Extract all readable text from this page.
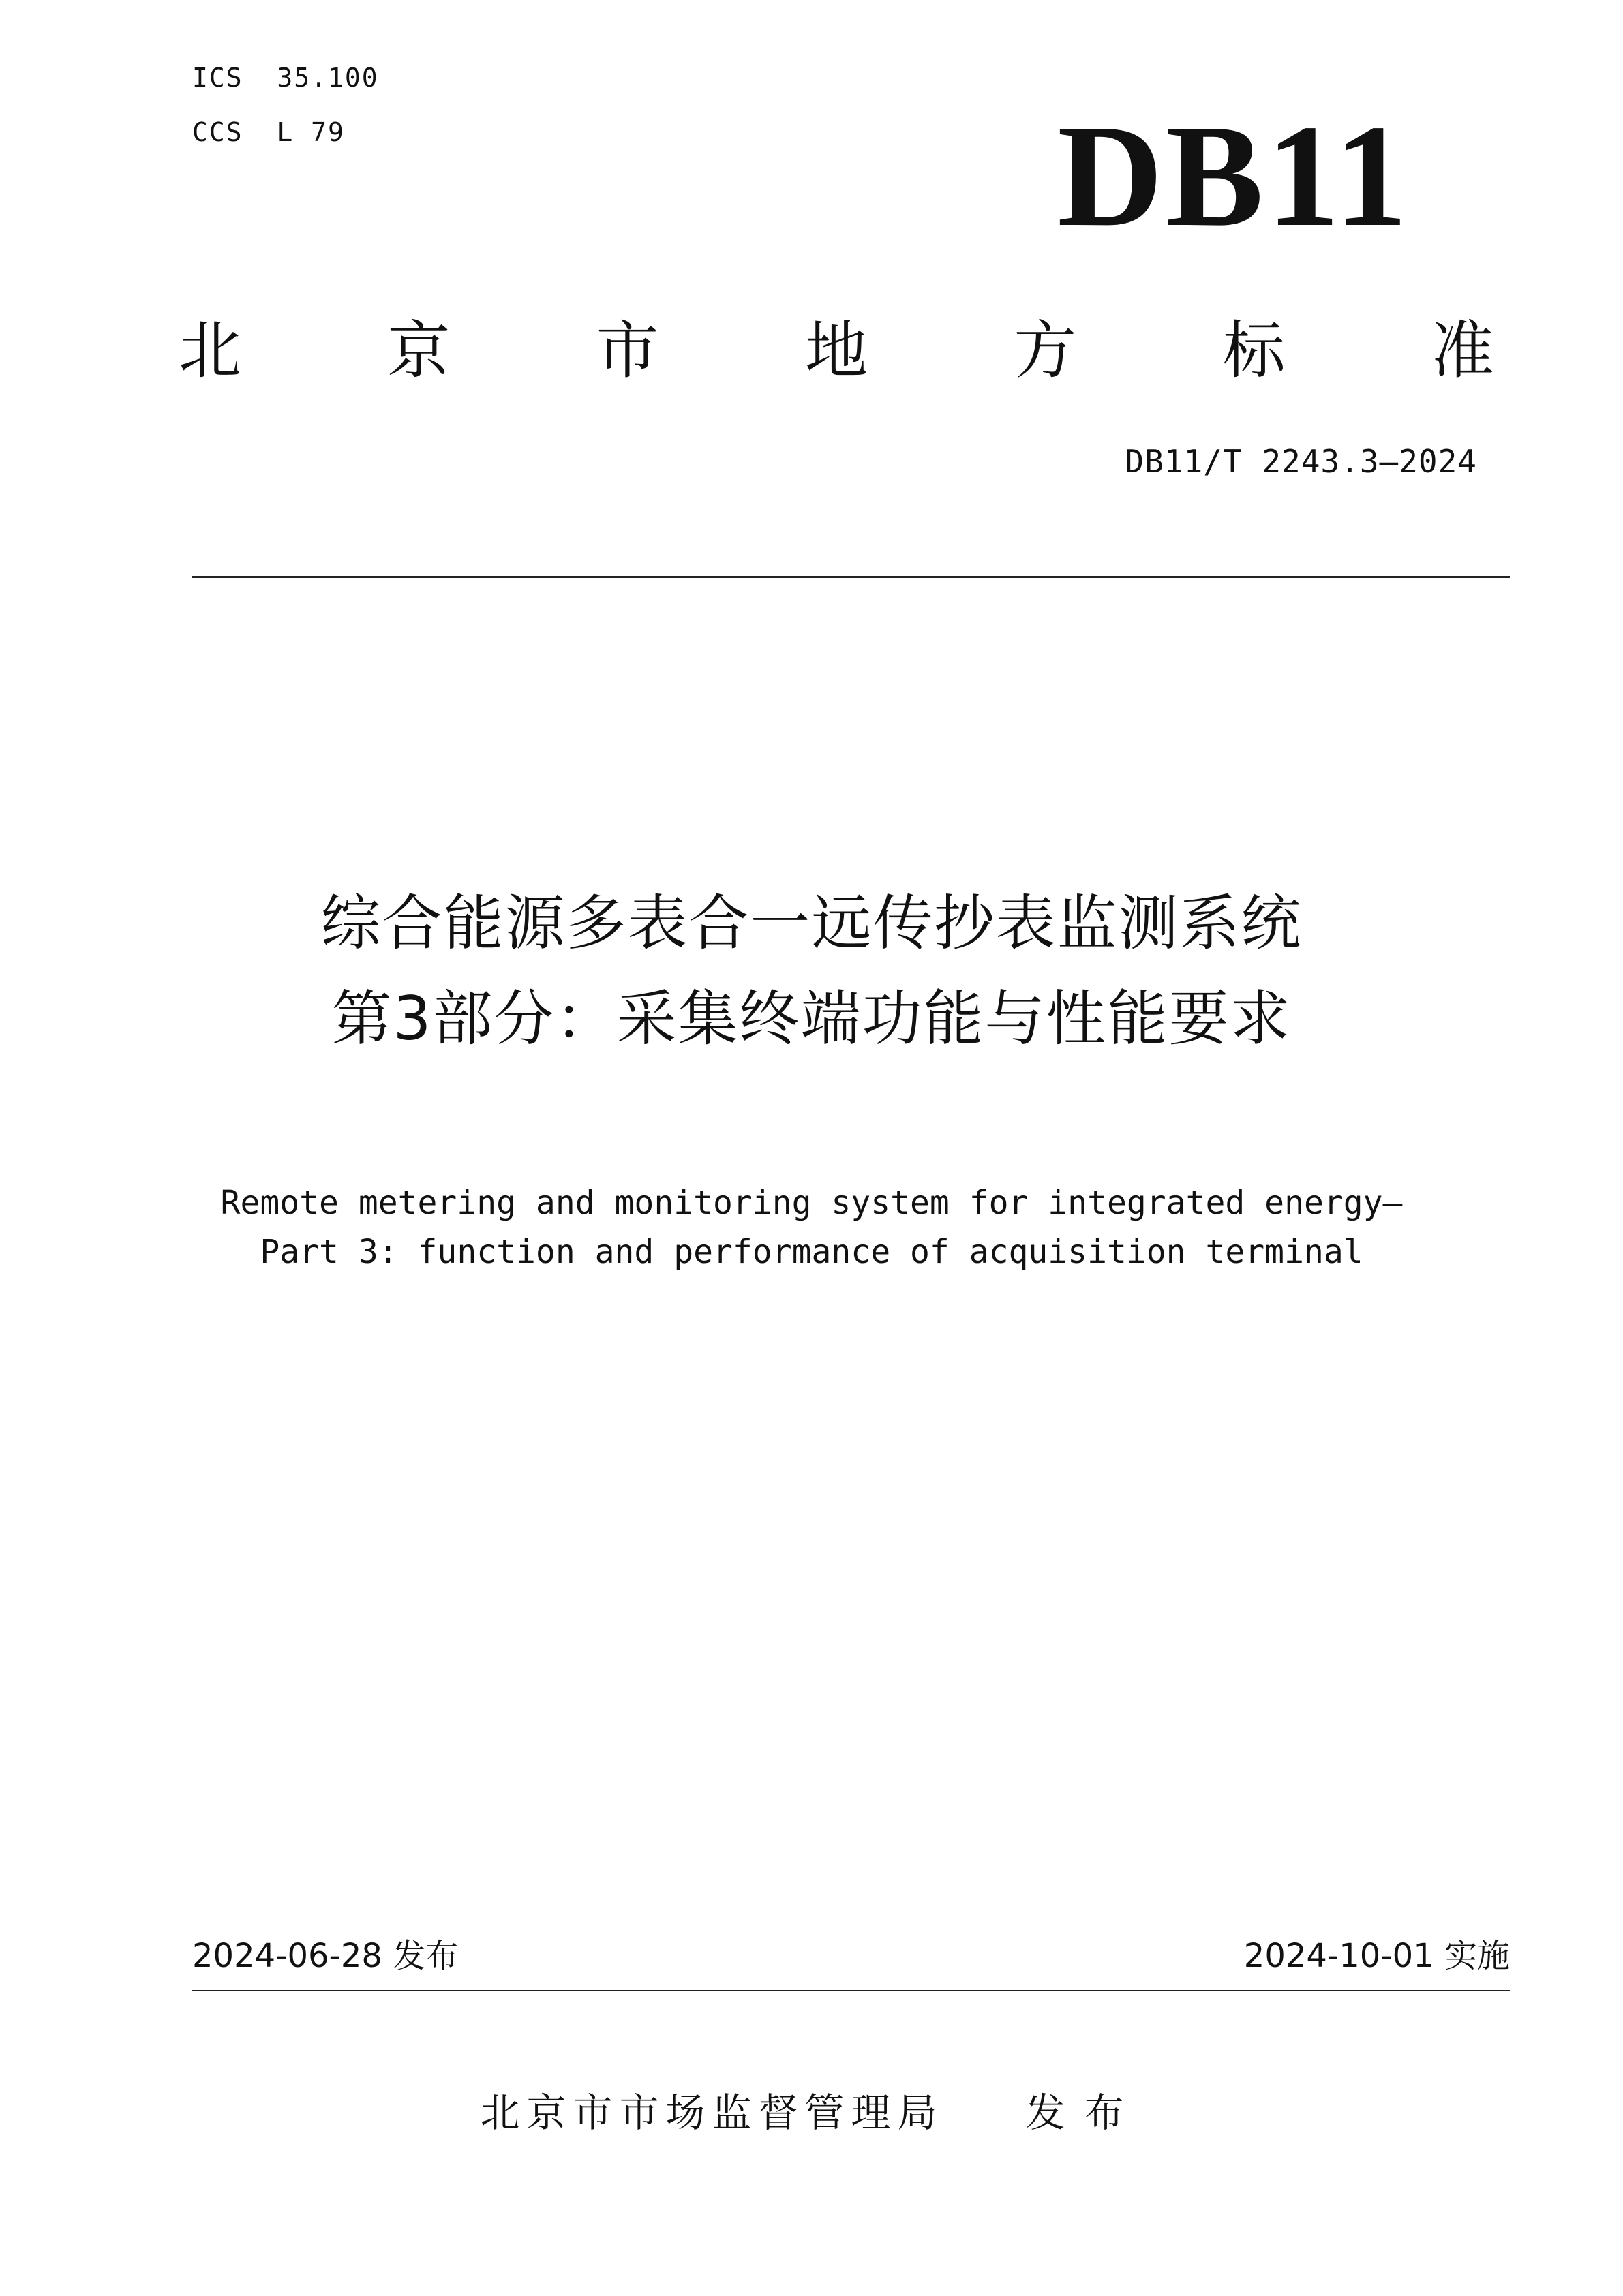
ICS  35.100
CCS  L 79	DB11
北 京 市 地 方 标 准
DB11/T 2243.3—2024
综合能源多表合一远传抄表监测系统
第3部分：采集终端功能与性能要求
Remote metering and monitoring system for integrated energy—
Part 3: function and performance of acquisition terminal
2024-06-28 发布	2024-10-01 实施
北京市市场监督管理局 发布
